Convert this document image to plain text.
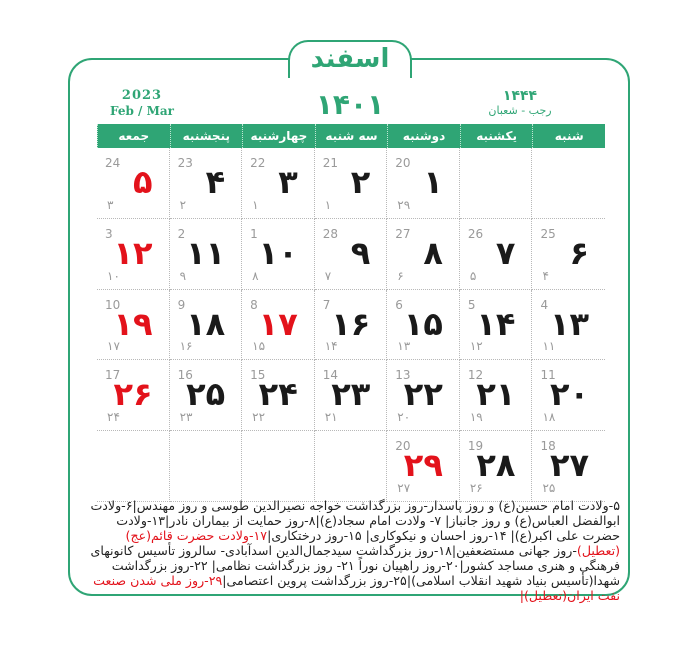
اسفند
2023
Feb / Mar	۱۴۰۱	۱۴۴۴
رجب - شعبان
شنبه
یکشنبه
دوشنبه
سه شنبه
چهارشنبه
پنجشنبه
جمعه
۱
20
۲۹
۲
21
۱
۳
22
۱
۴
23
۲
۵
24
۳
۶
25
۴
۷
26
۵
۸
27
۶
۹
28
۷
۱۰
1
۸
۱۱
2
۹
۱۲
3
۱۰
۱۳
4
۱۱
۱۴
5
۱۲
۱۵
6
۱۳
۱۶
7
۱۴
۱۷
8
۱۵
۱۸
9
۱۶
۱۹
10
۱۷
۲۰
11
۱۸
۲۱
12
۱۹
۲۲
13
۲۰
۲۳
14
۲۱
۲۴
15
۲۲
۲۵
16
۲۳
۲۶
17
۲۴
۲۷
18
۲۵
۲۸
19
۲۶
۲۹
20
۲۷
۵-ولادت امام حسین(ع) و روز پاسدار-روز بزرگداشت خواجه نصیرالدین طوسی و روز مهندس|۶-ولادت ابوالفضل العباس(ع) و روز جانباز| ۷- ولادت امام سجاد(ع)|۸-روز حمایت از بیماران نادر|۱۳-ولادت حضرت علی اکبر(ع)| ۱۴-روز احسان و نیکوکاری| ۱۵-روز درختکاری|۱۷-ولادت حضرت قائم(عج)(تعطیل)-روز جهانی مستضعفین|۱۸-روز بزرگداشت سیدجمال‌الدین اسدآبادی- سالروز تأسیس کانونهای فرهنگی و هنری مساجد کشور|۲۰-روز راهپیان نوراً ۲۱- روز بزرگداشت نظامی| ۲۲-روز بزرگداشت شهدا(تأسیس بنیاد شهید انقلاب اسلامی)|۲۵-روز بزرگداشت پروین اعتصامی|۲۹-روز ملی شدن صنعت نفت ایران(تعطیل)|
